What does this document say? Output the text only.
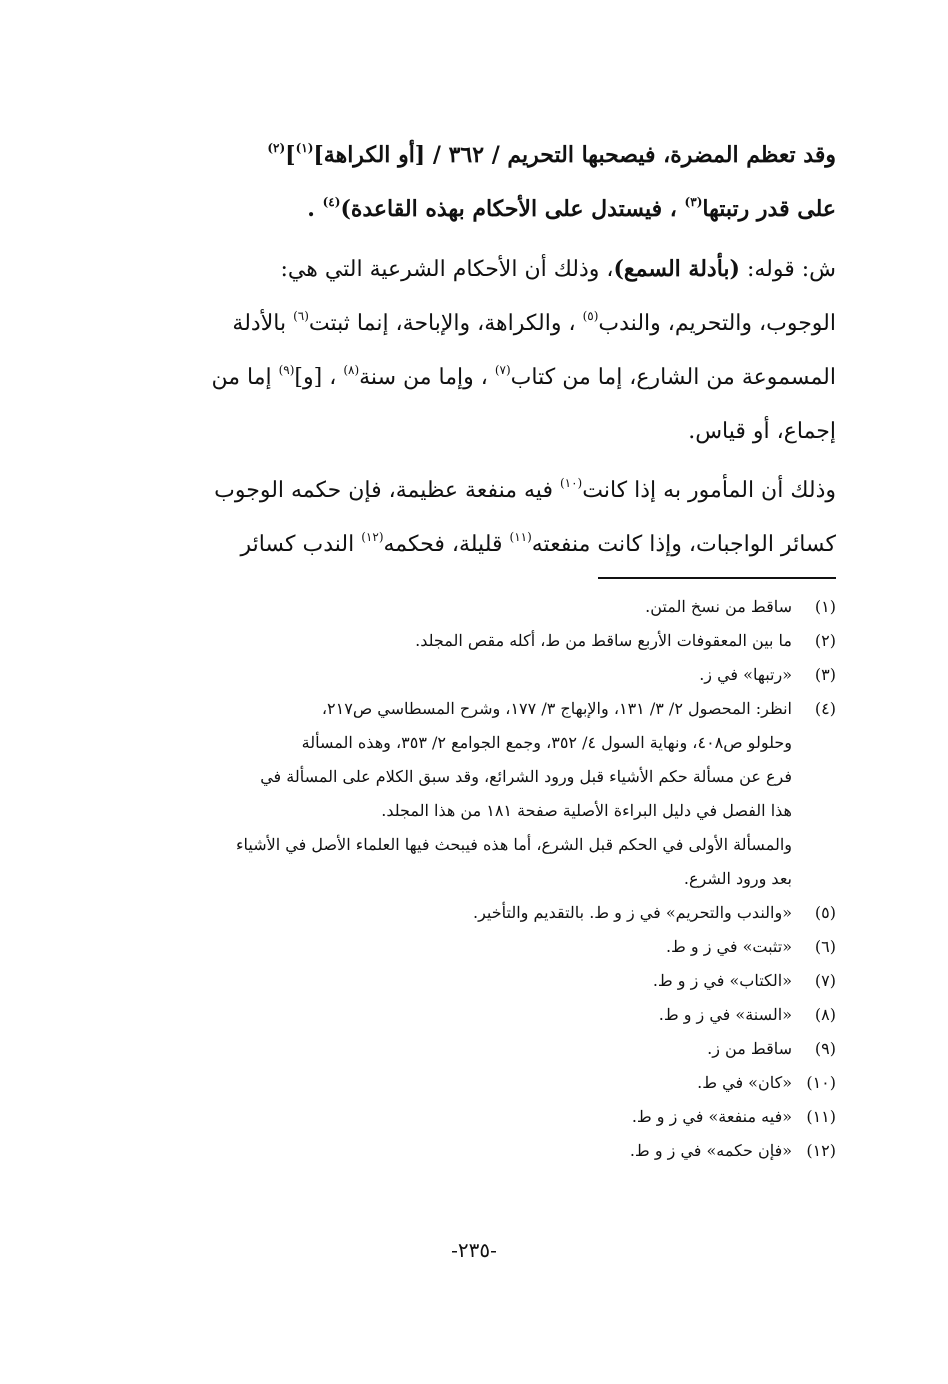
وقد تعظم المضرة، فيصحبها التحريم / ٣٦٢ / [أو الكراهة]$^{(١)}$]$^{(٢)}$
على قدر رتبتها$^{(٣)}$ ، فيستدل على الأحكام بهذه القاعدة)$^{(٤)}$ .
ش: قوله: (بأدلة السمع)، وذلك أن الأحكام الشرعية التي هي:
الوجوب، والتحريم، والندب$^{(٥)}$ ، والكراهة، والإباحة، إنما ثبتت$^{(٦)}$ بالأدلة
المسموعة من الشارع، إما من كتاب$^{(٧)}$ ، وإما من سنة$^{(٨)}$ ، [و]$^{(٩)}$ إما من
إجماع، أو قياس.
وذلك أن المأمور به إذا كانت$^{(١٠)}$ فيه منفعة عظيمة، فإن حكمه الوجوب
كسائر الواجبات، وإذا كانت منفعته$^{(١١)}$ قليلة، فحكمه$^{(١٢)}$ الندب كسائر
(١)
ساقط من نسخ المتن.
(٢)
ما بين المعقوفات الأربع ساقط من ط، أكله مقص المجلد.
(٣)
«رتبها» في ز.
(٤)
انظر: المحصول ٢/ ٣/ ١٣١، والإبهاج ٣/ ١٧٧، وشرح المسطاسي ص٢١٧،
وحلولو ص٤٠٨، ونهاية السول ٤/ ٣٥٢، وجمع الجوامع ٢/ ٣٥٣، وهذه المسألة
فرع عن مسألة حكم الأشياء قبل ورود الشرائع، وقد سبق الكلام على المسألة في
هذا الفصل في دليل البراءة الأصلية صفحة ١٨١ من هذا المجلد.
والمسألة الأولى في الحكم قبل الشرع، أما هذه فيبحث فيها العلماء الأصل في الأشياء
بعد ورود الشرع.
(٥)
«والندب والتحريم» في ز و ط. بالتقديم والتأخير.
(٦)
«تثبت» في ز و ط.
(٧)
«الكتاب» في ز و ط.
(٨)
«السنة» في ز و ط.
(٩)
ساقط من ز.
(١٠)
«كان» في ط.
(١١)
«فيه منفعة» في ز و ط.
(١٢)
«فإن حكمه» في ز و ط.
-٢٣٥-
